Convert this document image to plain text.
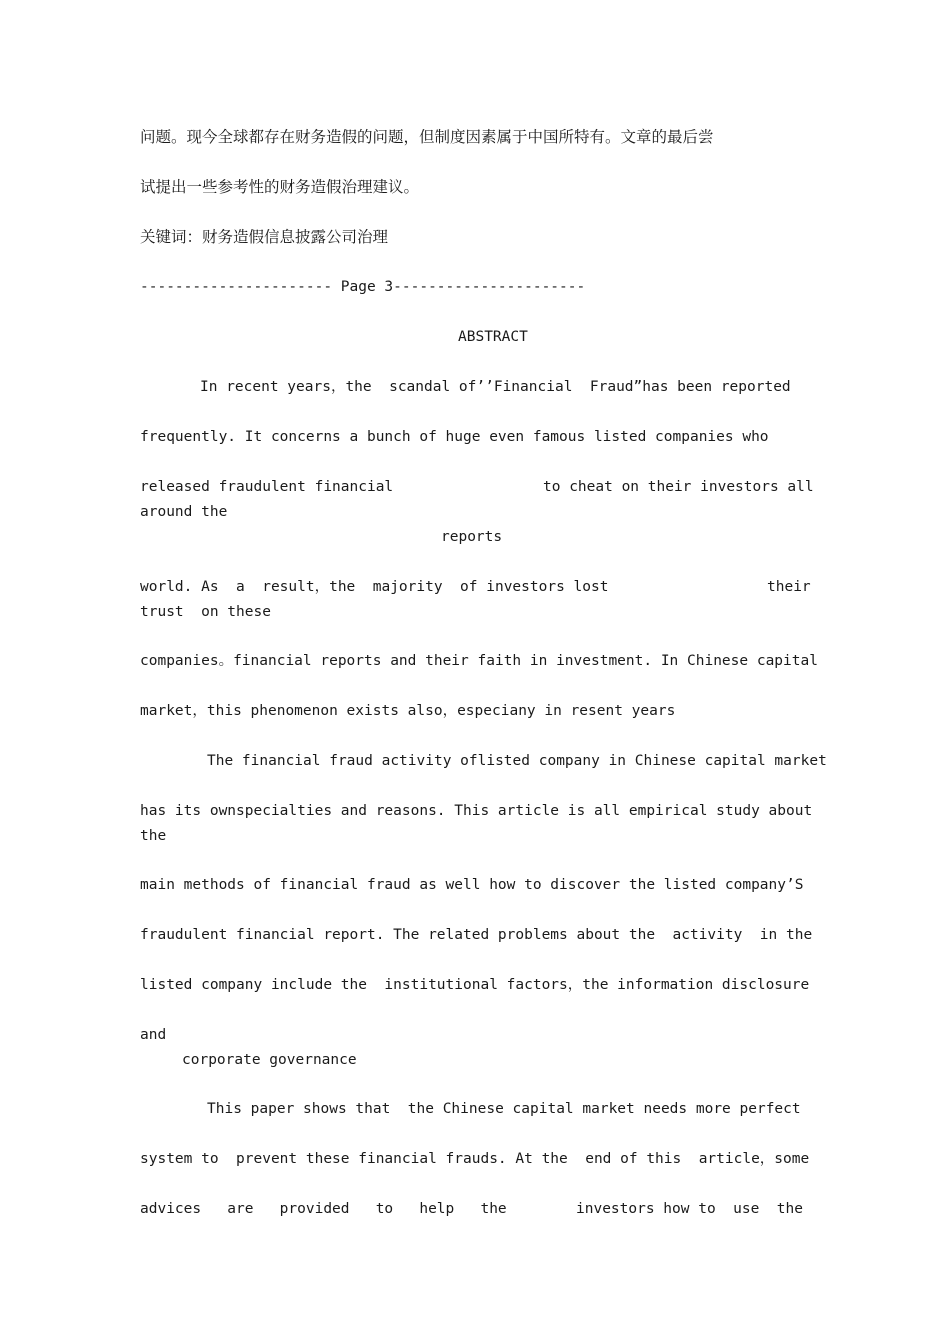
问题。现今全球都存在财务造假的问题，但制度因素属于中国所特有。文章的最后尝

试提出一些参考性的财务造假治理建议。

关键词：财务造假信息披露公司治理

---------------------- Page 3----------------------

ABSTRACT

In recent years，the  scandal of’’Financial  Fraud”has been reported

frequently. It concerns a bunch of huge even famous listed companies who

released fraudulent financial	to cheat on their investors all

around the

reports

world. As  a  result，the  majority  of investors lost	their

trust  on these

companies。financial reports and their faith in investment. In Chinese capital

market，this phenomenon exists also，especiany in resent years

The financial fraud activity oflisted company in Chinese capital market

has its ownspecialties and reasons. This article is all empirical study about

the

main methods of financial fraud as well how to discover the listed company’S

fraudulent financial report. The related problems about the  activity  in the

listed company include the  institutional factors，the information disclosure

and

corporate governance

This paper shows that  the Chinese capital market needs more perfect

system to  prevent these financial frauds. At the  end of this  article，some

advices   are   provided   to   help   the	investors how to  use  the
